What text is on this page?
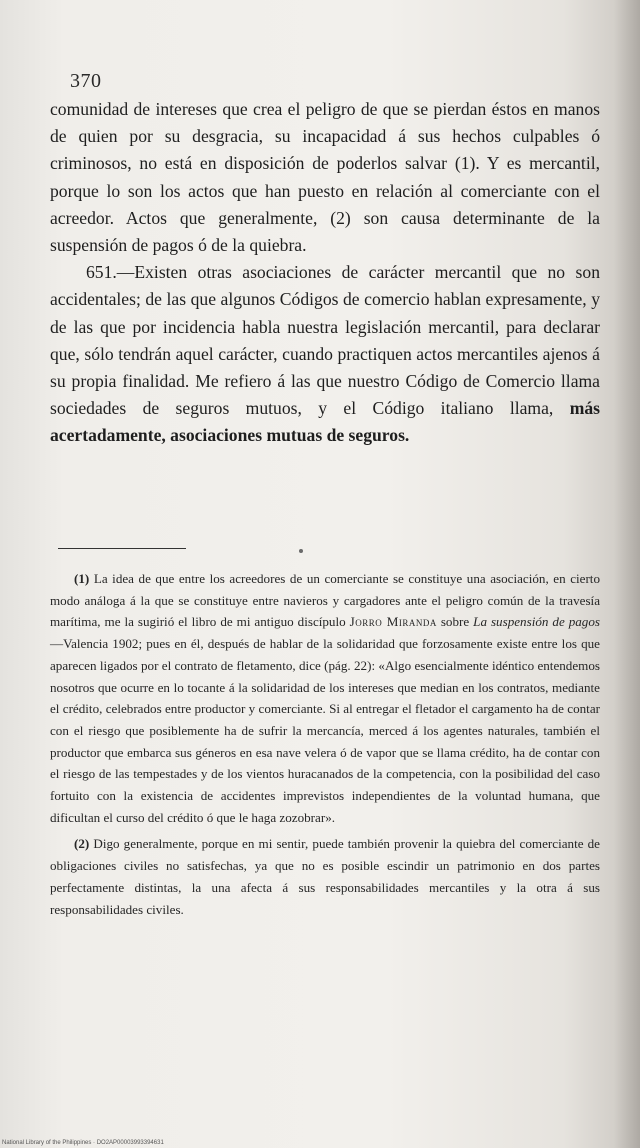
370

comunidad de intereses que crea el peligro de que se pierdan éstos en manos de quien por su desgracia, su incapacidad á sus hechos culpables ó criminosos, no está en disposición de poderlos salvar (1). Y es mercantil, porque lo son los actos que han puesto en relación al comerciante con el acreedor. Actos que generalmente, (2) son causa determinante de la suspensión de pagos ó de la quiebra.

651.—Existen otras asociaciones de carácter mercantil que no son accidentales; de las que algunos Códigos de comercio hablan expresamente, y de las que por incidencia habla nuestra legislación mercantil, para declarar que, sólo tendrán aquel carácter, cuando practiquen actos mercantiles ajenos á su propia finalidad. Me refiero á las que nuestro Código de Comercio llama sociedades de seguros mutuos, y el Código italiano llama, más acertadamente, asociaciones mutuas de seguros.

(1) La idea de que entre los acreedores de un comerciante se constituye una asociación, en cierto modo análoga á la que se constituye entre navieros y cargadores ante el peligro común de la travesía marítima, me la sugirió el libro de mi antiguo discípulo Jorro Miranda sobre La suspensión de pagos—Valencia 1902; pues en él, después de hablar de la solidaridad que forzosamente existe entre los que aparecen ligados por el contrato de fletamento, dice (pág. 22): «Algo esencialmente idéntico entendemos nosotros que ocurre en lo tocante á la solidaridad de los intereses que median en los contratos, mediante el crédito, celebrados entre productor y comerciante. Si al entregar el fletador el cargamento ha de contar con el riesgo que posiblemente ha de sufrir la mercancía, merced á los agentes naturales, también el productor que embarca sus géneros en esa nave velera ó de vapor que se llama crédito, ha de contar con el riesgo de las tempestades y de los vientos huracanados de la competencia, con la posibilidad del caso fortuito con la existencia de accidentes imprevistos independientes de la voluntad humana, que dificultan el curso del crédito ó que le haga zozobrar».

(2) Digo generalmente, porque en mi sentir, puede también provenir la quiebra del comerciante de obligaciones civiles no satisfechas, ya que no es posible escindir un patrimonio en dos partes perfectamente distintas, la una afecta á sus responsabilidades mercantiles y la otra á sus responsabilidades civiles.

National Library of the Philippines · DO2AP00003993394631
